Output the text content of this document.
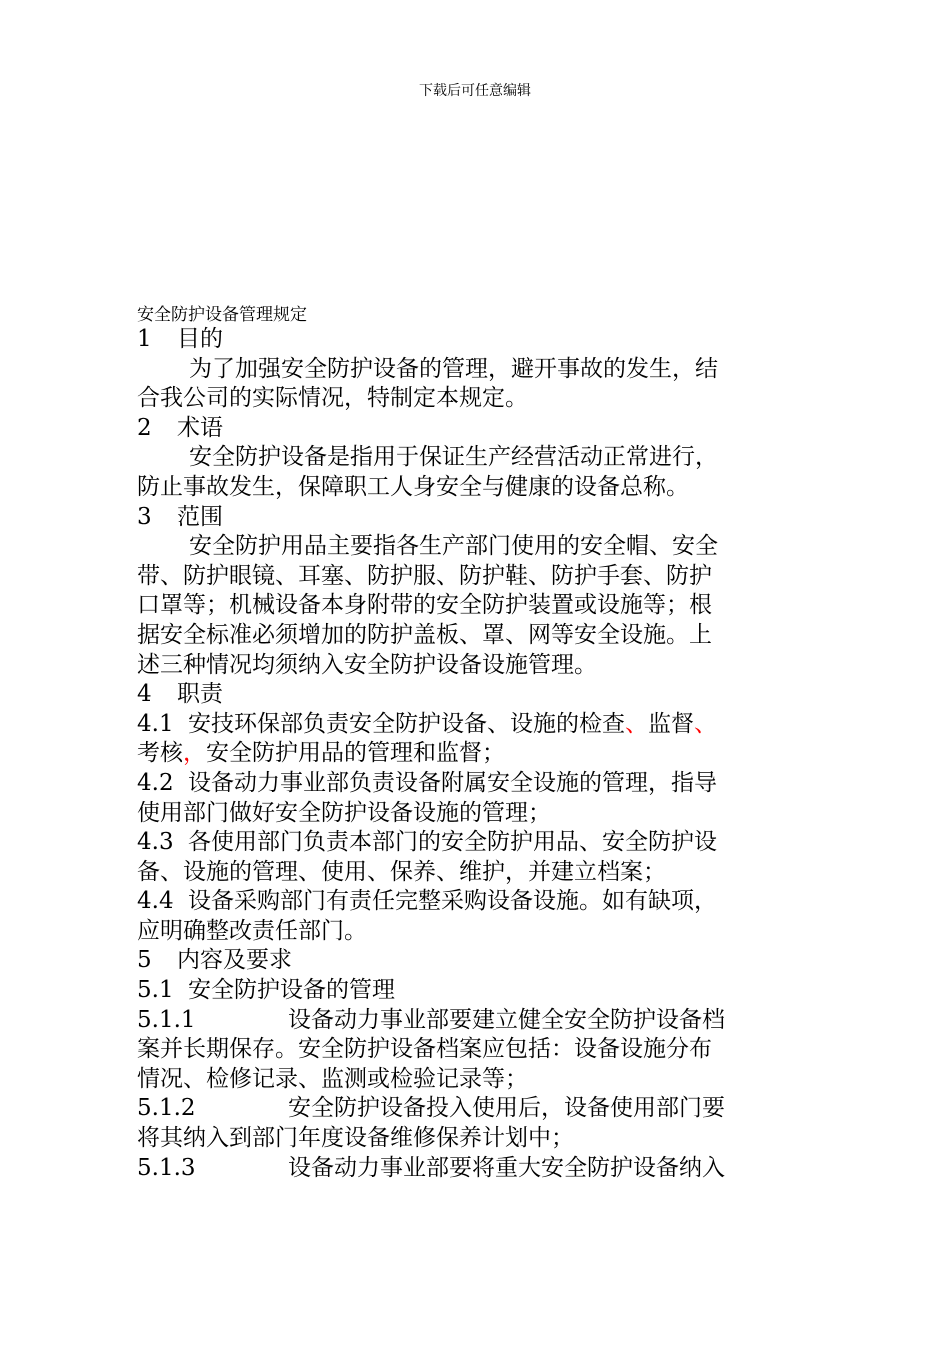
下载后可任意编辑
安全防护设备管理规定
1 目的
为了加强安全防护设备的管理，避开事故的发生，结
合我公司的实际情况，特制定本规定。
2 术语
安全防护设备是指用于保证生产经营活动正常进行，
防止事故发生，保障职工人身安全与健康的设备总称。
3 范围
安全防护用品主要指各生产部门使用的安全帽、安全
带、防护眼镜、耳塞、防护服、防护鞋、防护手套、防护
口罩等；机械设备本身附带的安全防护装置或设施等；根
据安全标准必须增加的防护盖板、罩、网等安全设施。上
述三种情况均须纳入安全防护设备设施管理。
4 职责
4.1 安技环保部负责安全防护设备、设施的检查、监督、
考核，安全防护用品的管理和监督；
4.2 设备动力事业部负责设备附属安全设施的管理，指导
使用部门做好安全防护设备设施的管理；
4.3 各使用部门负责本部门的安全防护用品、安全防护设
备、设施的管理、使用、保养、维护，并建立档案；
4.4 设备采购部门有责任完整采购设备设施。如有缺项，
应明确整改责任部门。
5 内容及要求
5.1 安全防护设备的管理
5.1.1	设备动力事业部要建立健全安全防护设备档
案并长期保存。安全防护设备档案应包括：设备设施分布
情况、检修记录、监测或检验记录等；
5.1.2	安全防护设备投入使用后，设备使用部门要
将其纳入到部门年度设备维修保养计划中；
5.1.3	设备动力事业部要将重大安全防护设备纳入
